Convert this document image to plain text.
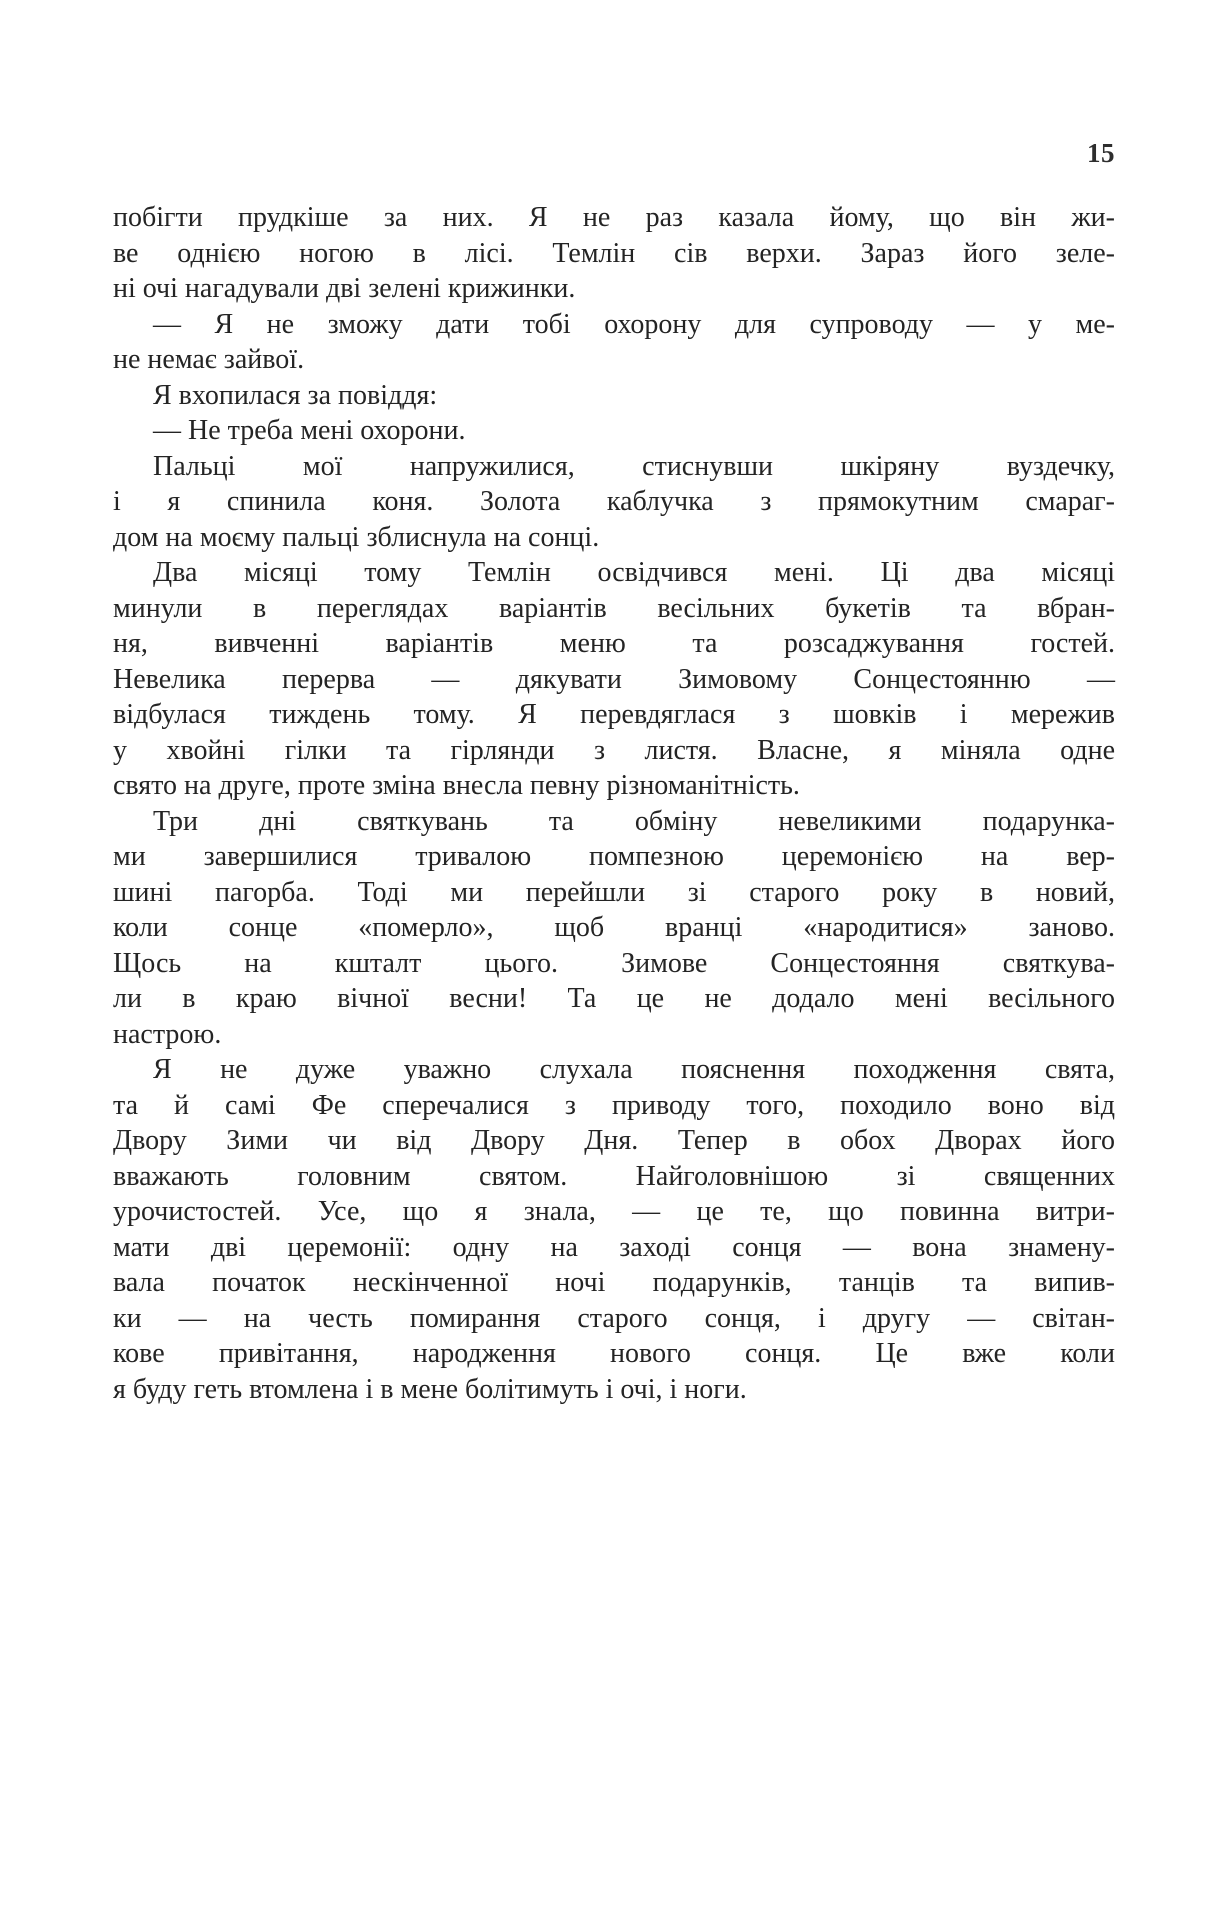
15
побігти прудкіше за них. Я не раз казала йому, що він жи-
ве однією ногою в лісі. Темлін сів верхи. Зараз його зеле-
ні очі нагадували дві зелені крижинки.
— Я не зможу дати тобі охорону для супроводу — у ме-
не немає зайвої.
Я вхопилася за повіддя:
— Не треба мені охорони.
Пальці мої напружилися, стиснувши шкіряну вуздечку,
і я спинила коня. Золота каблучка з прямокутним смараг-
дом на моєму пальці зблиснула на сонці.
Два місяці тому Темлін освідчився мені. Ці два місяці
минули в переглядах варіантів весільних букетів та вбран-
ня, вивченні варіантів меню та розсаджування гостей.
Невелика перерва — дякувати Зимовому Сонцестоянню —
відбулася тиждень тому. Я перевдяглася з шовків і мережив
у хвойні гілки та гірлянди з листя. Власне, я міняла одне
свято на друге, проте зміна внесла певну різноманітність.
Три дні святкувань та обміну невеликими подарунка-
ми завершилися тривалою помпезною церемонією на вер-
шині пагорба. Тоді ми перейшли зі старого року в новий,
коли сонце «померло», щоб вранці «народитися» заново.
Щось на кшталт цього. Зимове Сонцестояння святкува-
ли в краю вічної весни! Та це не додало мені весільного
настрою.
Я не дуже уважно слухала пояснення походження свята,
та й самі Фе сперечалися з приводу того, походило воно від
Двору Зими чи від Двору Дня. Тепер в обох Дворах його
вважають головним святом. Найголовнішою зі священних
урочистостей. Усе, що я знала, — це те, що повинна витри-
мати дві церемонії: одну на заході сонця — вона знамену-
вала початок нескінченної ночі подарунків, танців та випив-
ки — на честь помирання старого сонця, і другу — світан-
кове привітання, народження нового сонця. Це вже коли
я буду геть втомлена і в мене болітимуть і очі, і ноги.
